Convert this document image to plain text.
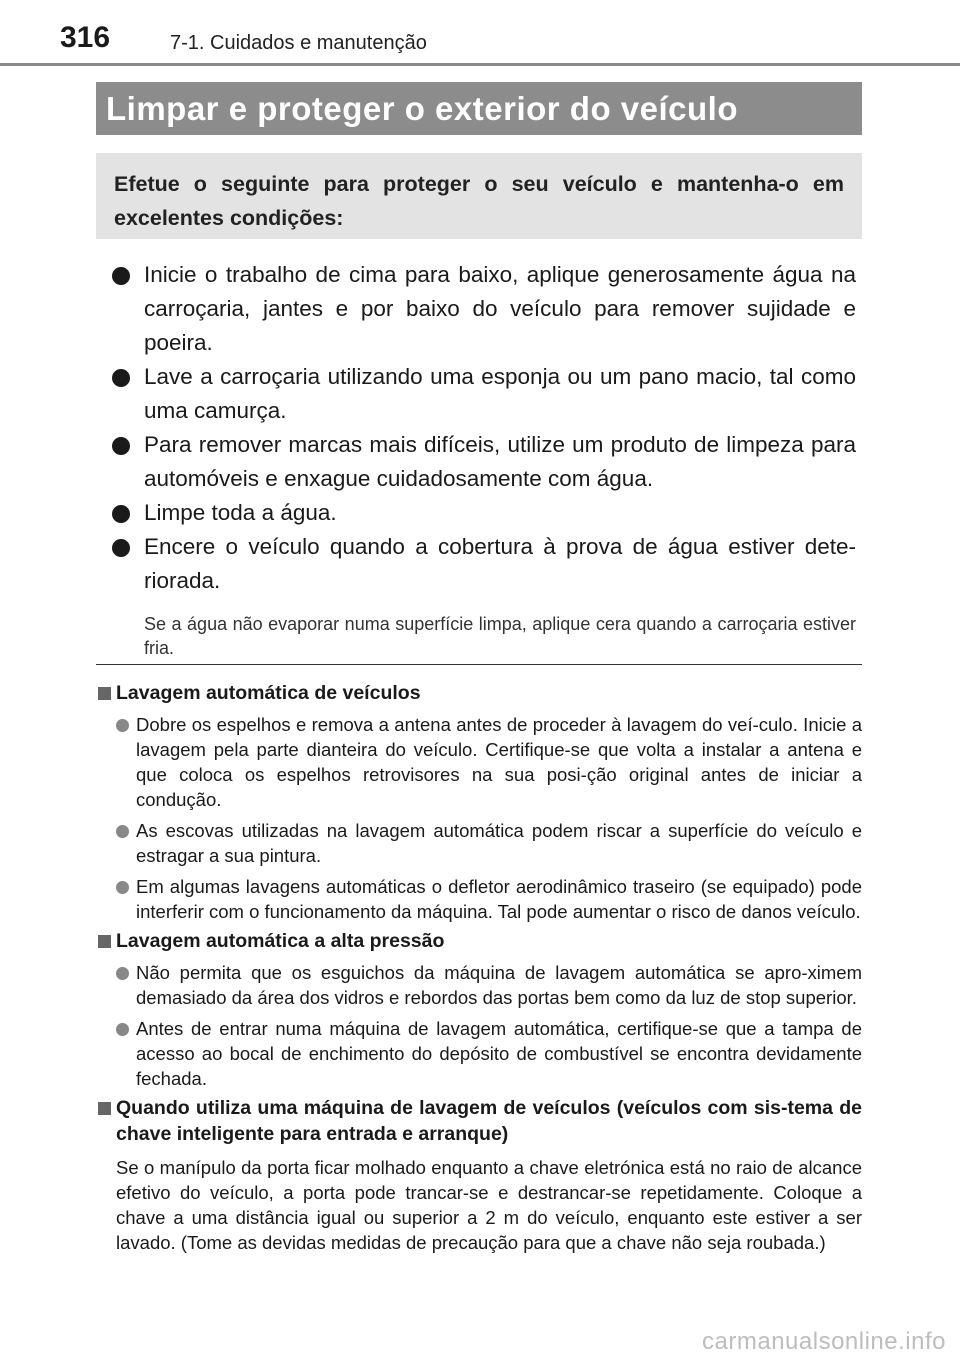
316	7-1. Cuidados e manutenção
Limpar e proteger o exterior do veículo

Efetue o seguinte para proteger o seu veículo e mantenha-o em excelentes condições:

Inicie o trabalho de cima para baixo, aplique generosamente água na carroçaria, jantes e por baixo do veículo para remover sujidade e poeira.
Lave a carroçaria utilizando uma esponja ou um pano macio, tal como uma camurça.
Para remover marcas mais difíceis, utilize um produto de limpeza para automóveis e enxague cuidadosamente com água.
Limpe toda a água.
Encere o veículo quando a cobertura à prova de água estiver dete-riorada.
Se a água não evaporar numa superfície limpa, aplique cera quando a carroçaria estiver fria.
Lavagem automática de veículos
Dobre os espelhos e remova a antena antes de proceder à lavagem do veí-culo. Inicie a lavagem pela parte dianteira do veículo. Certifique-se que volta a instalar a antena e que coloca os espelhos retrovisores na sua posi-ção original antes de iniciar a condução.
As escovas utilizadas na lavagem automática podem riscar a superfície do veículo e estragar a sua pintura.
Em algumas lavagens automáticas o defletor aerodinâmico traseiro (se equipado) pode interferir com o funcionamento da máquina. Tal pode aumentar o risco de danos veículo.
Lavagem automática a alta pressão
Não permita que os esguichos da máquina de lavagem automática se apro-ximem demasiado da área dos vidros e rebordos das portas bem como da luz de stop superior.
Antes de entrar numa máquina de lavagem automática, certifique-se que a tampa de acesso ao bocal de enchimento do depósito de combustível se encontra devidamente fechada.
Quando utiliza uma máquina de lavagem de veículos (veículos com sis-tema de chave inteligente para entrada e arranque)
Se o manípulo da porta ficar molhado enquanto a chave eletrónica está no raio de alcance efetivo do veículo, a porta pode trancar-se e destrancar-se repetidamente. Coloque a chave a uma distância igual ou superior a 2 m do veículo, enquanto este estiver a ser lavado. (Tome as devidas medidas de precaução para que a chave não seja roubada.)
carmanualsonline.info
